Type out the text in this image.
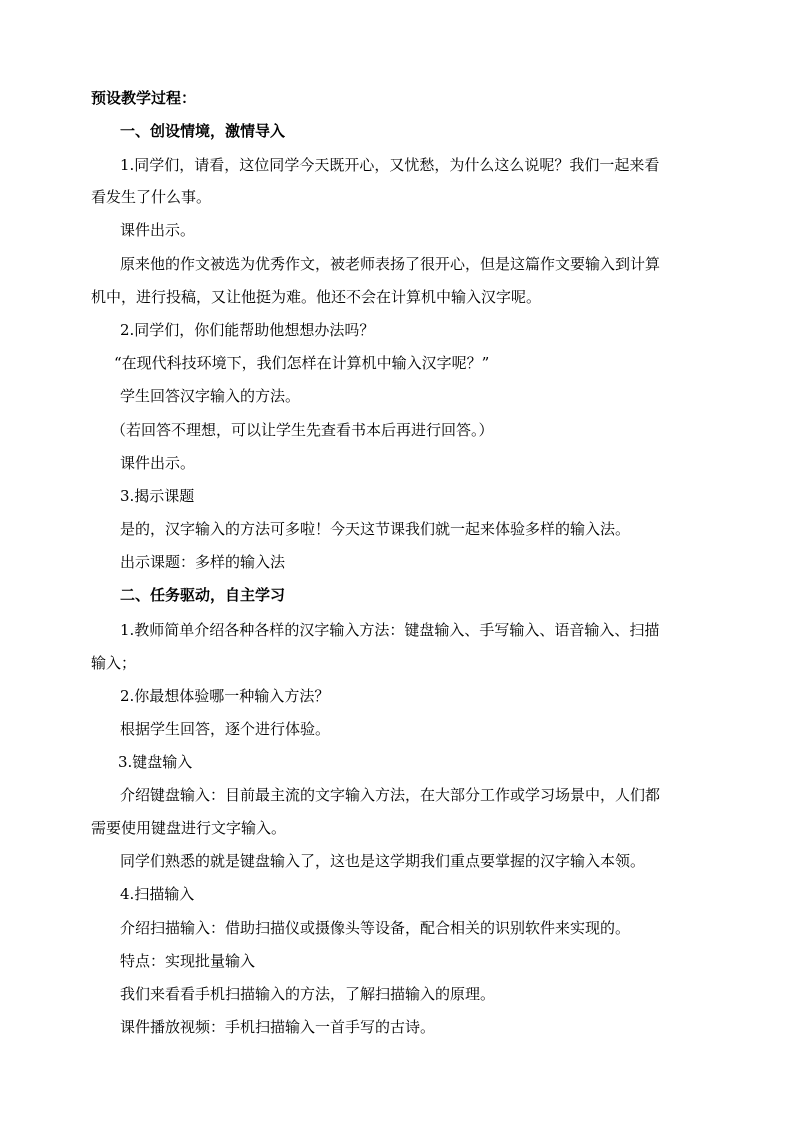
预设教学过程：
一、创设情境，激情导入
1.同学们，请看，这位同学今天既开心，又忧愁，为什么这么说呢？我们一起来看
看发生了什么事。
课件出示。
原来他的作文被选为优秀作文，被老师表扬了很开心，但是这篇作文要输入到计算
机中，进行投稿，又让他挺为难。他还不会在计算机中输入汉字呢。
2.同学们，你们能帮助他想想办法吗？
“在现代科技环境下，我们怎样在计算机中输入汉字呢？”
学生回答汉字输入的方法。
（若回答不理想，可以让学生先查看书本后再进行回答。）
课件出示。
3.揭示课题
是的，汉字输入的方法可多啦！今天这节课我们就一起来体验多样的输入法。
出示课题：多样的输入法
二、任务驱动，自主学习
1.教师简单介绍各种各样的汉字输入方法：键盘输入、手写输入、语音输入、扫描
输入；
2.你最想体验哪一种输入方法？
根据学生回答，逐个进行体验。
3.键盘输入
介绍键盘输入：目前最主流的文字输入方法，在大部分工作或学习场景中，人们都
需要使用键盘进行文字输入。
同学们熟悉的就是键盘输入了，这也是这学期我们重点要掌握的汉字输入本领。
4.扫描输入
介绍扫描输入：借助扫描仪或摄像头等设备，配合相关的识别软件来实现的。
特点：实现批量输入
我们来看看手机扫描输入的方法，了解扫描输入的原理。
课件播放视频：手机扫描输入一首手写的古诗。
